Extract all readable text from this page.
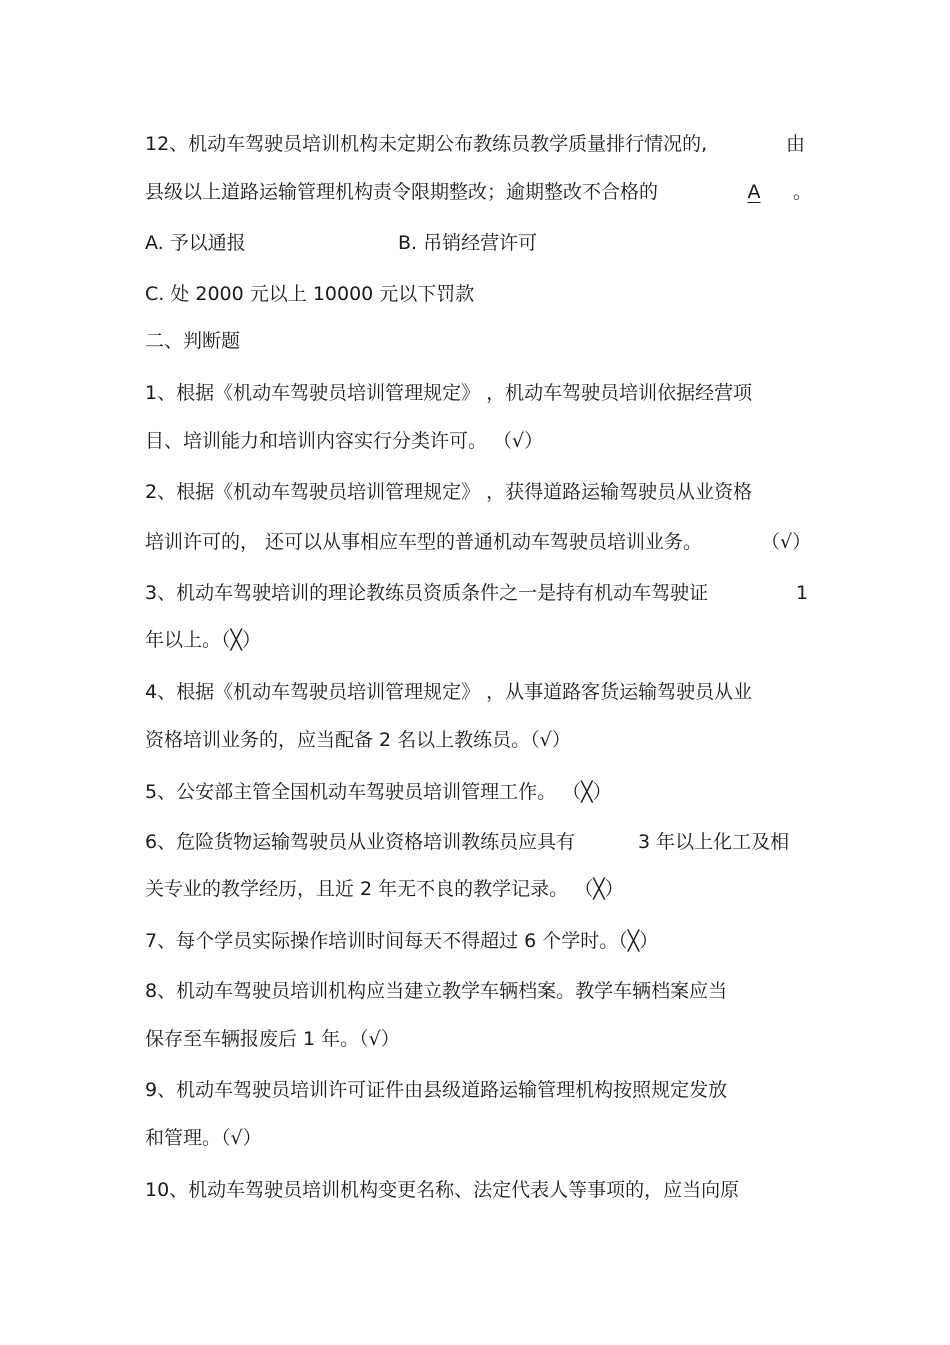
12、机动车驾驶员培训机构未定期公布教练员教学质量排行情况的,	由
县级以上道路运输管理机构责令限期整改；逾期整改不合格的	A	。
A. 予以通报	B. 吊销经营许可
C. 处 2000 元以上 10000 元以下罚款
二、判断题
1、根据《机动车驾驶员培训管理规定》 ，机动车驾驶员培训依据经营项
目、培训能力和培训内容实行分类许可。 （√）
2、根据《机动车驾驶员培训管理规定》 ，获得道路运输驾驶员从业资格
培训许可的， 还可以从事相应车型的普通机动车驾驶员培训业务。	（√）
3、机动车驾驶培训的理论教练员资质条件之一是持有机动车驾驶证	1
年以上。（╳）
4、根据《机动车驾驶员培训管理规定》 ，从事道路客货运输驾驶员从业
资格培训业务的，应当配备 2 名以上教练员。（√）
5、公安部主管全国机动车驾驶员培训管理工作。 （╳）
6、危险货物运输驾驶员从业资格培训教练员应具有	3 年以上化工及相
关专业的教学经历，且近 2 年无不良的教学记录。 （╳）
7、每个学员实际操作培训时间每天不得超过 6 个学时。（╳）
8、机动车驾驶员培训机构应当建立教学车辆档案。教学车辆档案应当
保存至车辆报废后 1 年。（√）
9、机动车驾驶员培训许可证件由县级道路运输管理机构按照规定发放
和管理。（√）
10、机动车驾驶员培训机构变更名称、法定代表人等事项的，应当向原
